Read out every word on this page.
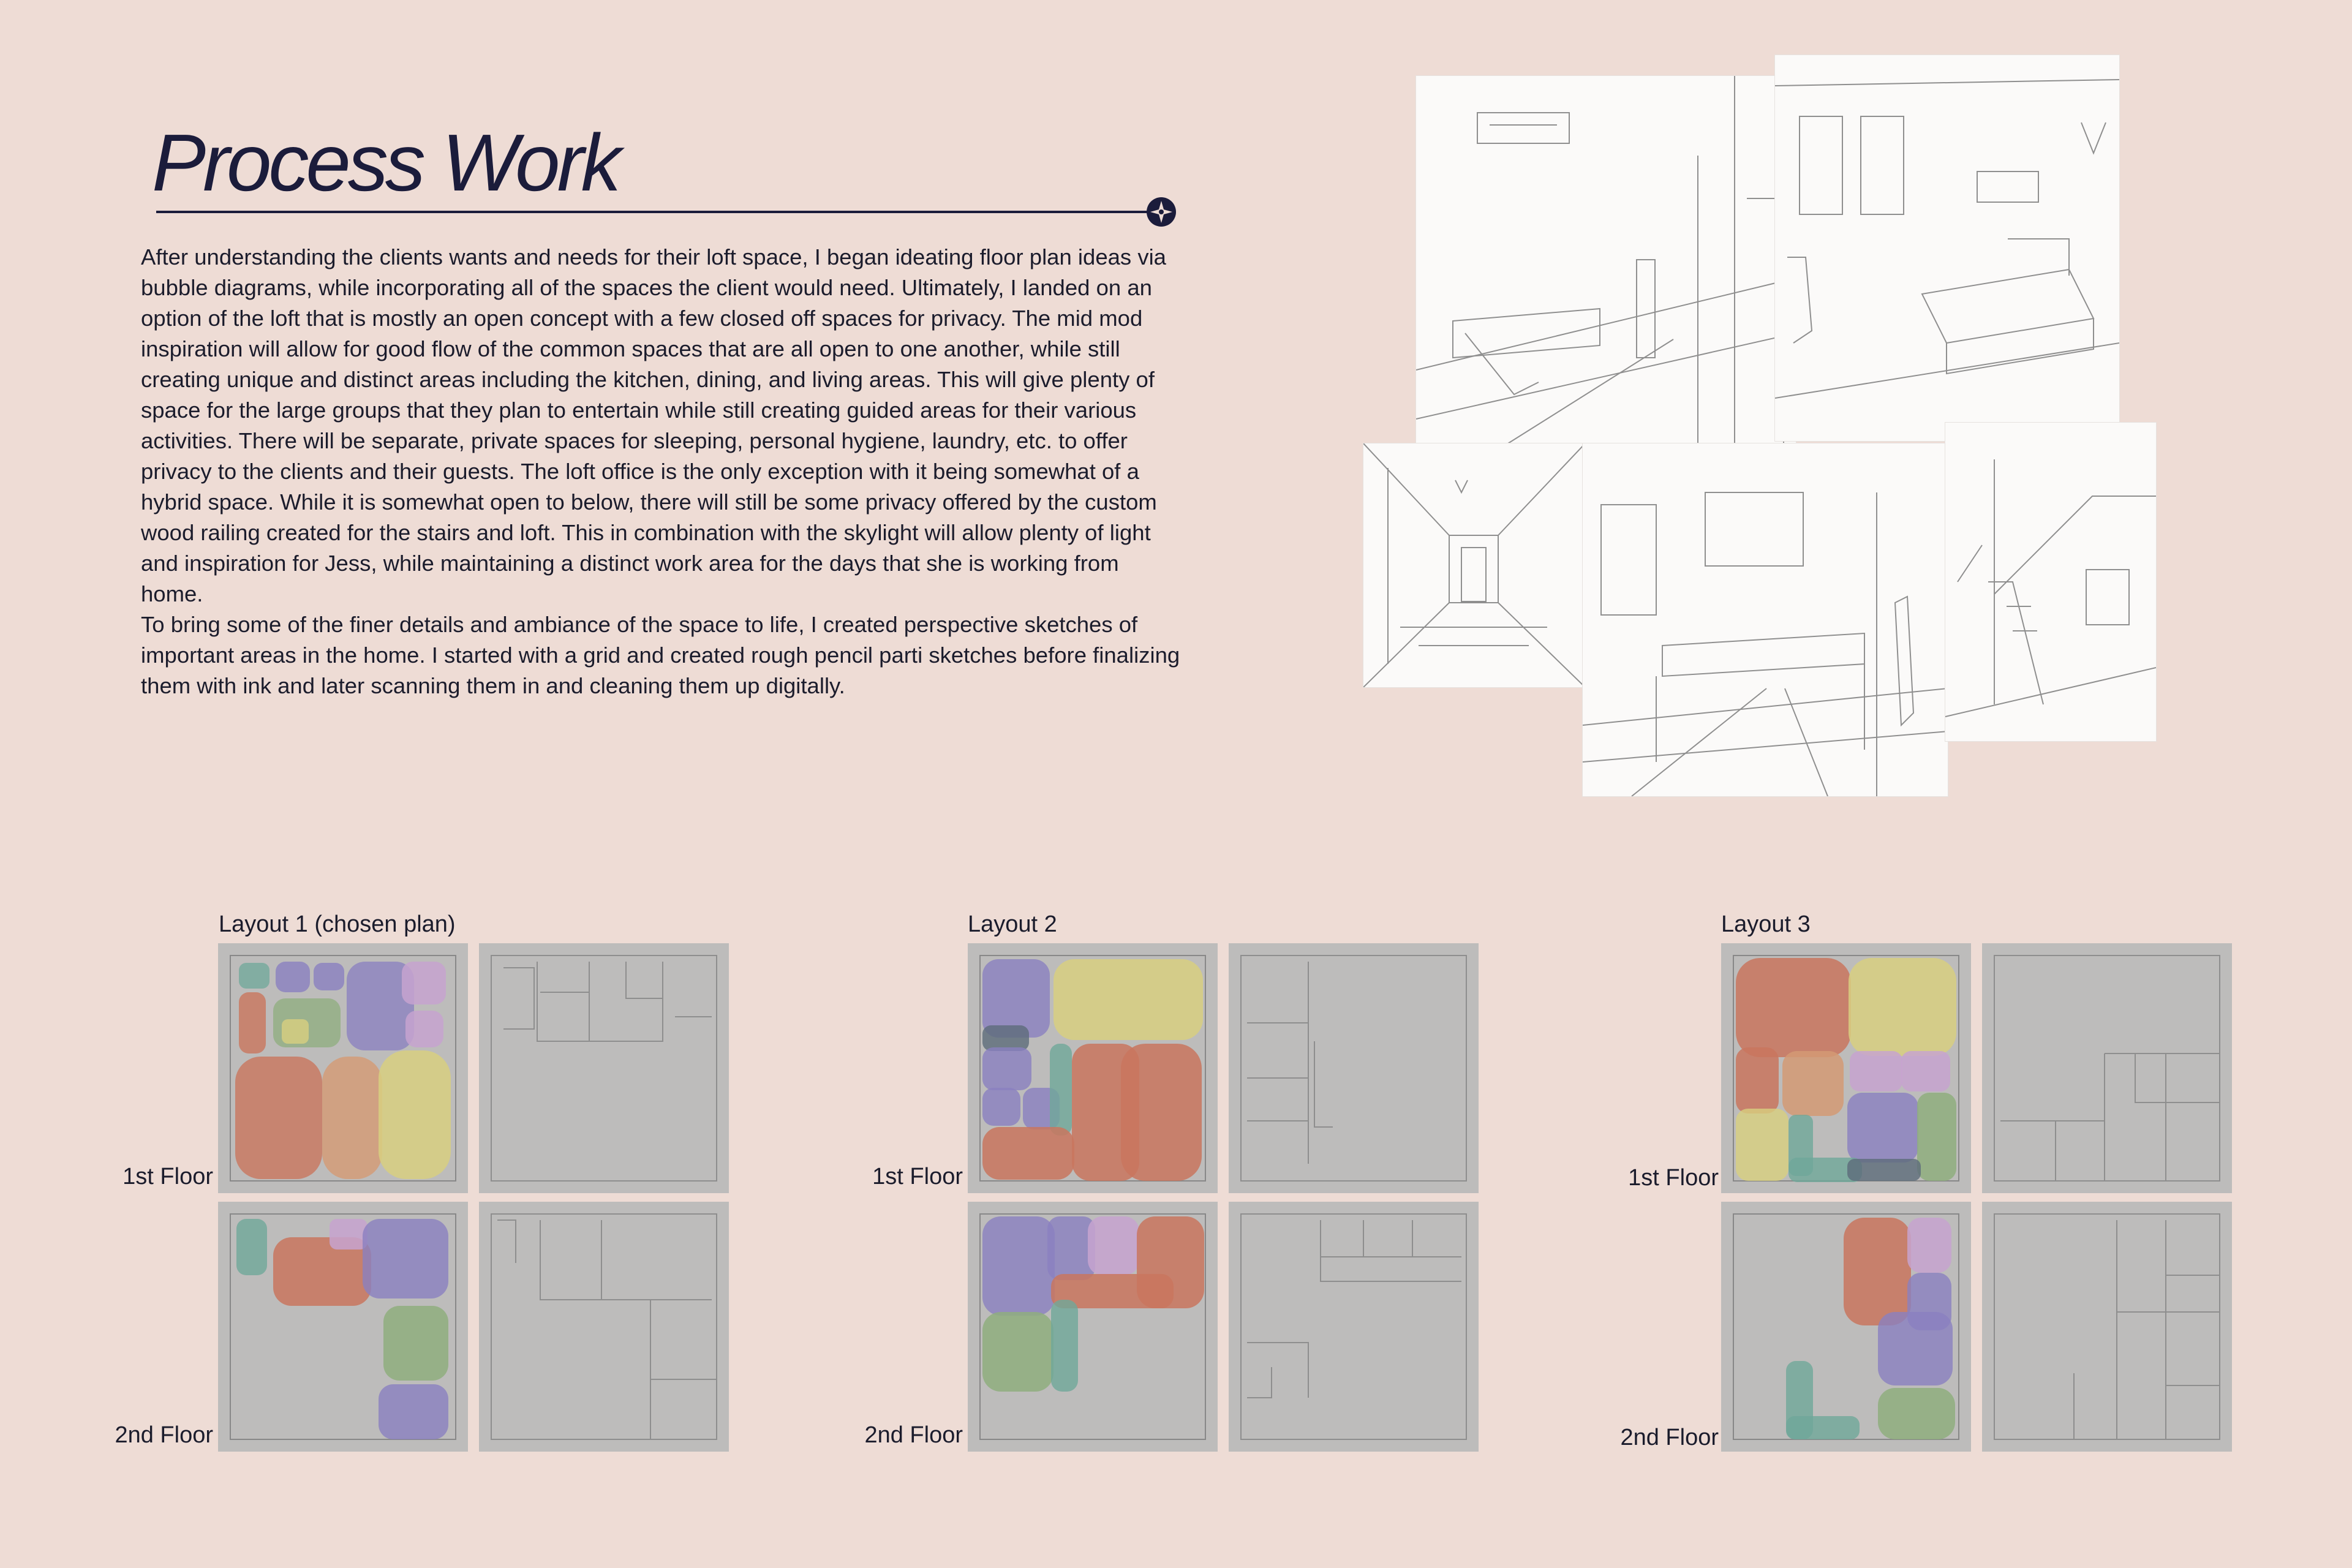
Process Work

After understanding the clients wants and needs for their loft space, I began ideating floor plan ideas via bubble diagrams, while incorporating all of the spaces the client would need. Ultimately, I landed on an option of the loft that is mostly an open concept with a few closed off spaces for privacy. The mid mod inspiration will allow for good flow of the common spaces that are all open to one another, while still creating unique and distinct areas including the kitchen, dining, and living areas. This will give plenty of space for the large groups that they plan to entertain while still creating guided areas for their various activities. There will be separate, private spaces for sleeping, personal hygiene, laundry, etc. to offer privacy to the clients and their guests. The loft office is the only exception with it being somewhat of a hybrid space. While it is somewhat open to below, there will still be some privacy offered by the custom wood railing created for the stairs and loft. This in combination with the skylight will allow plenty of light and inspiration for Jess, while maintaining a distinct work area for the days that she is working from home.

To bring some of the finer details and ambiance of the space to life, I created perspective sketches of important areas in the home. I started with a grid and created rough pencil parti sketches before finalizing them with ink and later scanning them in and cleaning them up digitally.

Layout 1 (chosen plan)	Layout 2	Layout 3
1st Floor
2nd Floor
1st Floor
2nd Floor
1st Floor
2nd Floor
